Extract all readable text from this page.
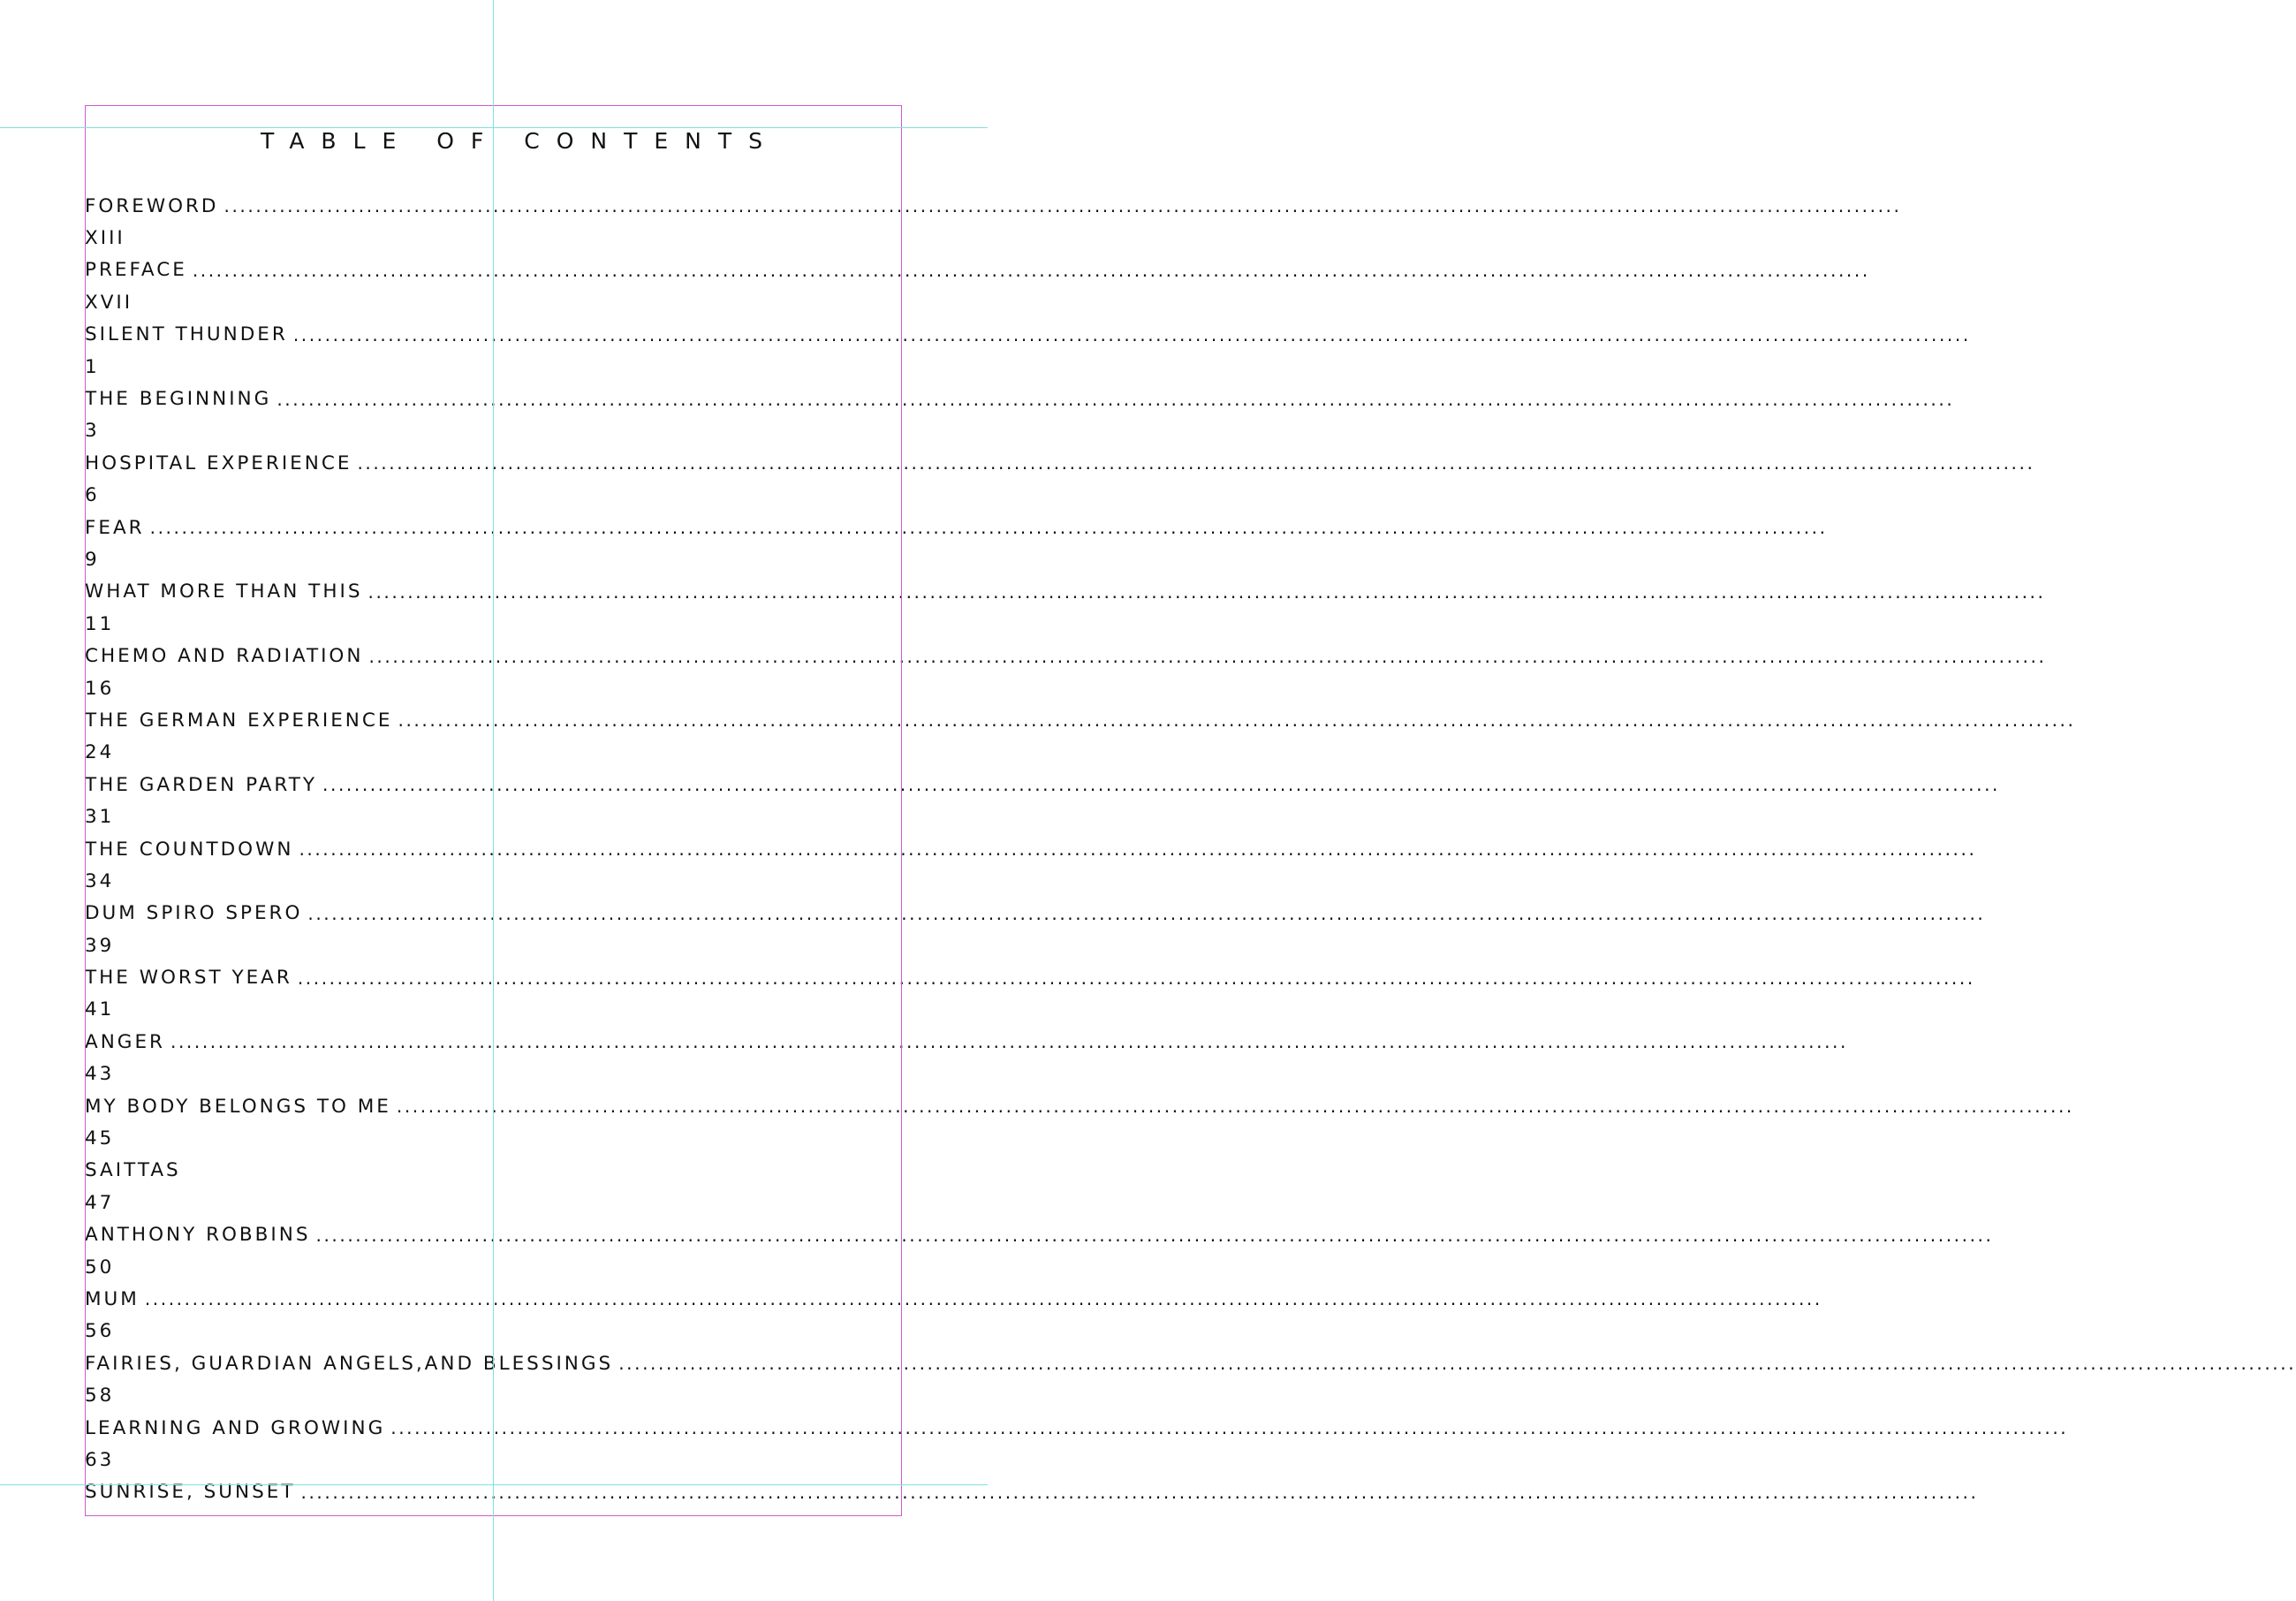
TABLE OF CONTENTS
FOREWORD ....................................................................................................................................................................................................................
XIII
PREFACE ....................................................................................................................................................................................................................
XVII
SILENT THUNDER ....................................................................................................................................................................................................................
1
THE BEGINNING ....................................................................................................................................................................................................................
3
HOSPITAL EXPERIENCE ....................................................................................................................................................................................................................
6
FEAR ....................................................................................................................................................................................................................
9
WHAT MORE THAN THIS ....................................................................................................................................................................................................................
11
CHEMO AND RADIATION ....................................................................................................................................................................................................................
16
THE GERMAN EXPERIENCE ....................................................................................................................................................................................................................
24
THE GARDEN PARTY ....................................................................................................................................................................................................................
31
THE COUNTDOWN ....................................................................................................................................................................................................................
34
DUM SPIRO SPERO ....................................................................................................................................................................................................................
39
THE WORST YEAR ....................................................................................................................................................................................................................
41
ANGER ....................................................................................................................................................................................................................
43
MY BODY BELONGS TO ME ....................................................................................................................................................................................................................
45
SAITTAS
47
ANTHONY ROBBINS ....................................................................................................................................................................................................................
50
MUM ....................................................................................................................................................................................................................
56
FAIRIES, GUARDIAN ANGELS,AND BLESSINGS ....................................................................................................................................................................................................................
58
LEARNING AND GROWING ....................................................................................................................................................................................................................
63
SUNRISE, SUNSET ....................................................................................................................................................................................................................
